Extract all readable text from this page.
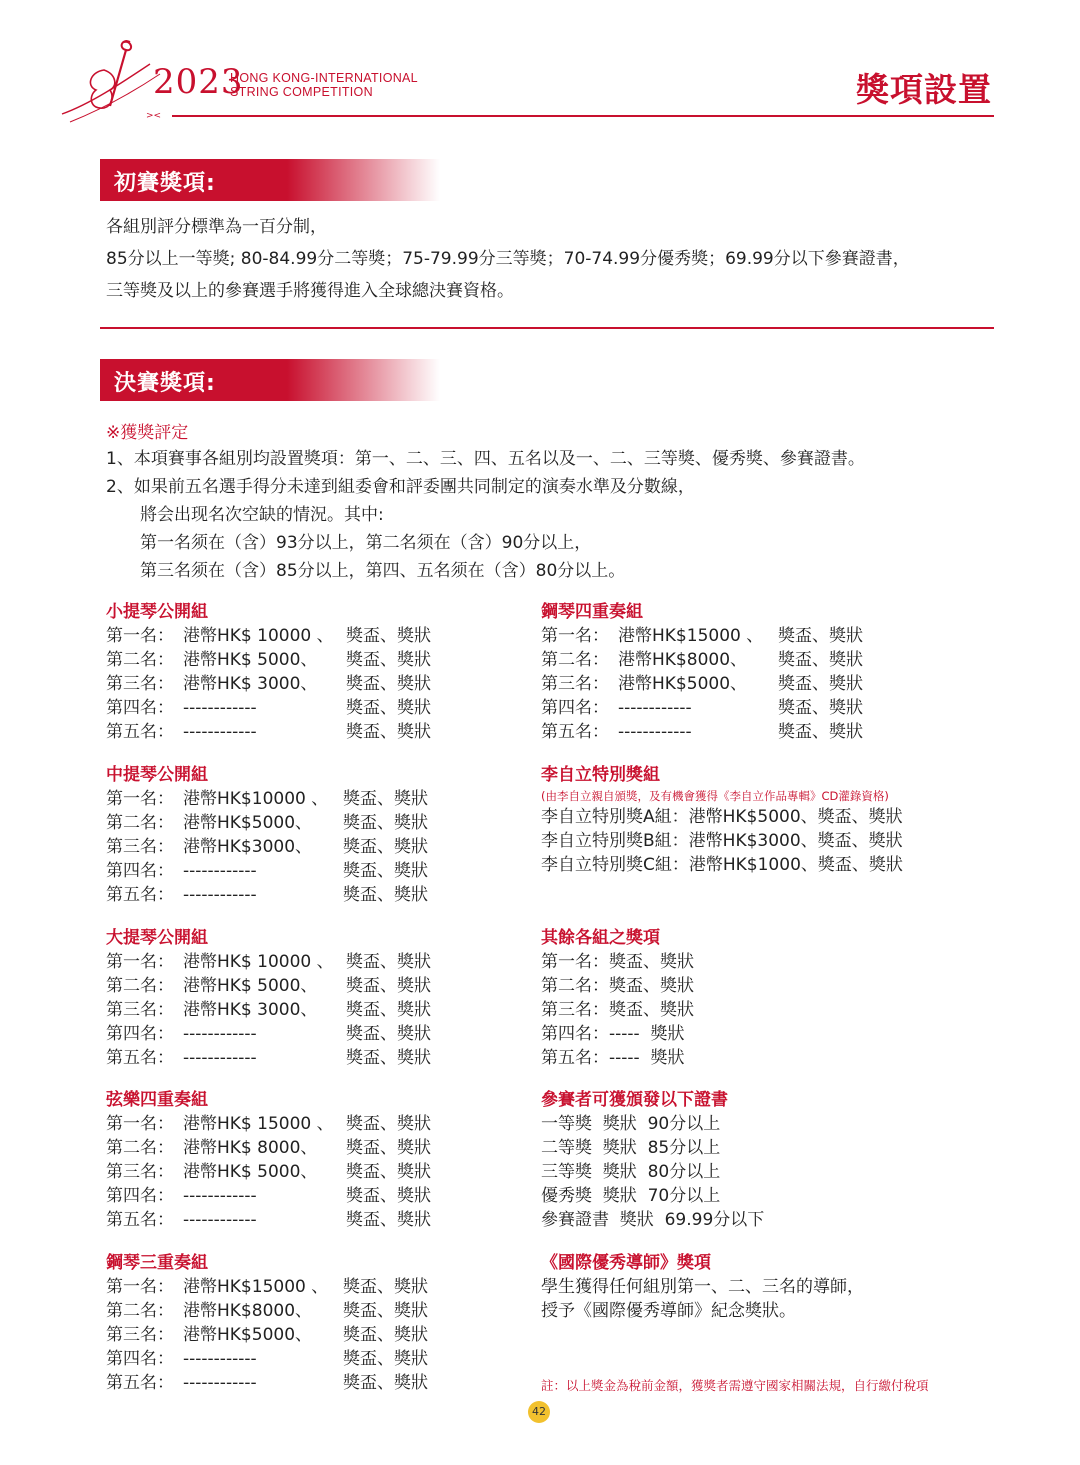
><
2023
HONG KONG-INTERNATIONAL
STRING COMPETITION	獎項設置
初賽獎項:
各組別評分標準為一百分制，
85分以上一等獎; 80-84.99分二等獎；75-79.99分三等獎；70-74.99分優秀獎；69.99分以下參賽證書，
三等獎及以上的參賽選手將獲得進入全球總決賽資格。
決賽獎項:
※獲獎評定
1、本項賽事各組別均設置獎項：第一、二、三、四、五名以及一、二、三等獎、優秀獎、參賽證書。
2、如果前五名選手得分未達到組委會和評委團共同制定的演奏水準及分數線，
將会出现名次空缺的情況。其中:
第一名须在（含）93分以上，第二名须在（含）90分以上，
第三名须在（含）85分以上，第四、五名须在（含）80分以上。
小提琴公開組
第一名： 港幣HK$ 10000 、 獎盃、獎狀
第二名： 港幣HK$ 5000、 獎盃、獎狀
第三名： 港幣HK$ 3000、 獎盃、獎狀
第四名： ------------	獎盃、獎狀
第五名： ------------	獎盃、獎狀
中提琴公開組
第一名： 港幣HK$10000 、 獎盃、獎狀
第二名： 港幣HK$5000、 獎盃、獎狀
第三名： 港幣HK$3000、 獎盃、獎狀
第四名： ------------	獎盃、獎狀
第五名： ------------	獎盃、獎狀
大提琴公開組
第一名： 港幣HK$ 10000 、 獎盃、獎狀
第二名： 港幣HK$ 5000、 獎盃、獎狀
第三名： 港幣HK$ 3000、 獎盃、獎狀
第四名： ------------	獎盃、獎狀
第五名： ------------	獎盃、獎狀
弦樂四重奏組
第一名： 港幣HK$ 15000 、 獎盃、獎狀
第二名： 港幣HK$ 8000、 獎盃、獎狀
第三名： 港幣HK$ 5000、 獎盃、獎狀
第四名： ------------	獎盃、獎狀
第五名： ------------	獎盃、獎狀
鋼琴三重奏組
第一名： 港幣HK$15000 、 獎盃、獎狀
第二名： 港幣HK$8000、 獎盃、獎狀
第三名： 港幣HK$5000、 獎盃、獎狀
第四名： ------------	獎盃、獎狀
第五名： ------------	獎盃、獎狀
鋼琴四重奏組
第一名： 港幣HK$15000 、 獎盃、獎狀
第二名： 港幣HK$8000、 獎盃、獎狀
第三名： 港幣HK$5000、 獎盃、獎狀
第四名： ------------	獎盃、獎狀
第五名： ------------	獎盃、獎狀
李自立特別獎組
(由李自立親自頒獎，及有機會獲得《李自立作品專輯》CD灌錄資格)
李自立特別獎A組：港幣HK$5000、獎盃、獎狀
李自立特別獎B組：港幣HK$3000、獎盃、獎狀
李自立特別獎C組：港幣HK$1000、獎盃、獎狀
其餘各組之獎項
第一名：獎盃、獎狀
第二名：獎盃、獎狀
第三名：獎盃、獎狀
第四名：-----  獎狀
第五名：-----  獎狀
參賽者可獲頒發以下證書
一等獎  獎狀  90分以上
二等獎  獎狀  85分以上
三等獎  獎狀  80分以上
優秀獎  獎狀  70分以上
參賽證書  獎狀  69.99分以下
《國際優秀導師》獎項
學生獲得任何組別第一、二、三名的導師，
授予《國際優秀導師》紀念獎狀。
註：以上獎金為稅前金額，獲獎者需遵守國家相關法規，自行繳付稅項
42
